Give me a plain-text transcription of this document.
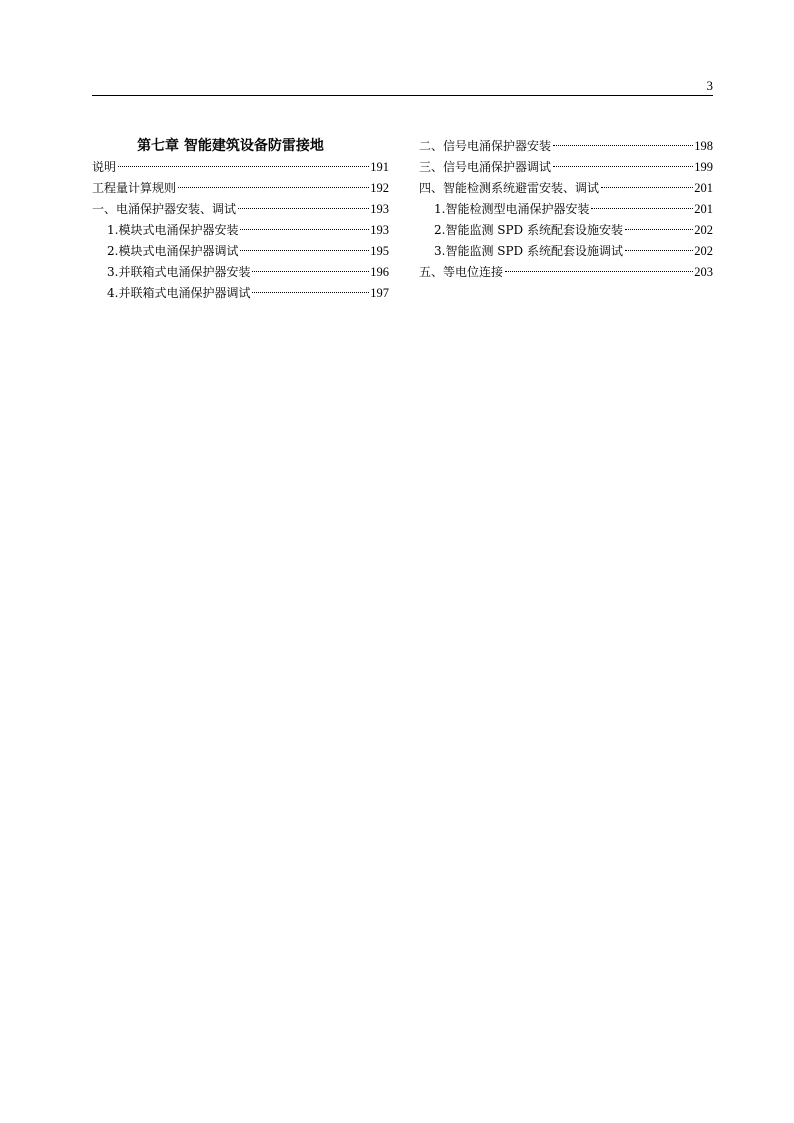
3
第七章 智能建筑设备防雷接地
说明	191
工程量计算规则	192
一、电涌保护器安装、调试	193
1.模块式电涌保护器安装	193
2.模块式电涌保护器调试	195
3.并联箱式电涌保护器安装	196
4.并联箱式电涌保护器调试	197
二、信号电涌保护器安装	198
三、信号电涌保护器调试	199
四、智能检测系统避雷安装、调试	201
1.智能检测型电涌保护器安装	201
2.智能监测 SPD 系统配套设施安装	202
3.智能监测 SPD 系统配套设施调试	202
五、等电位连接	203
